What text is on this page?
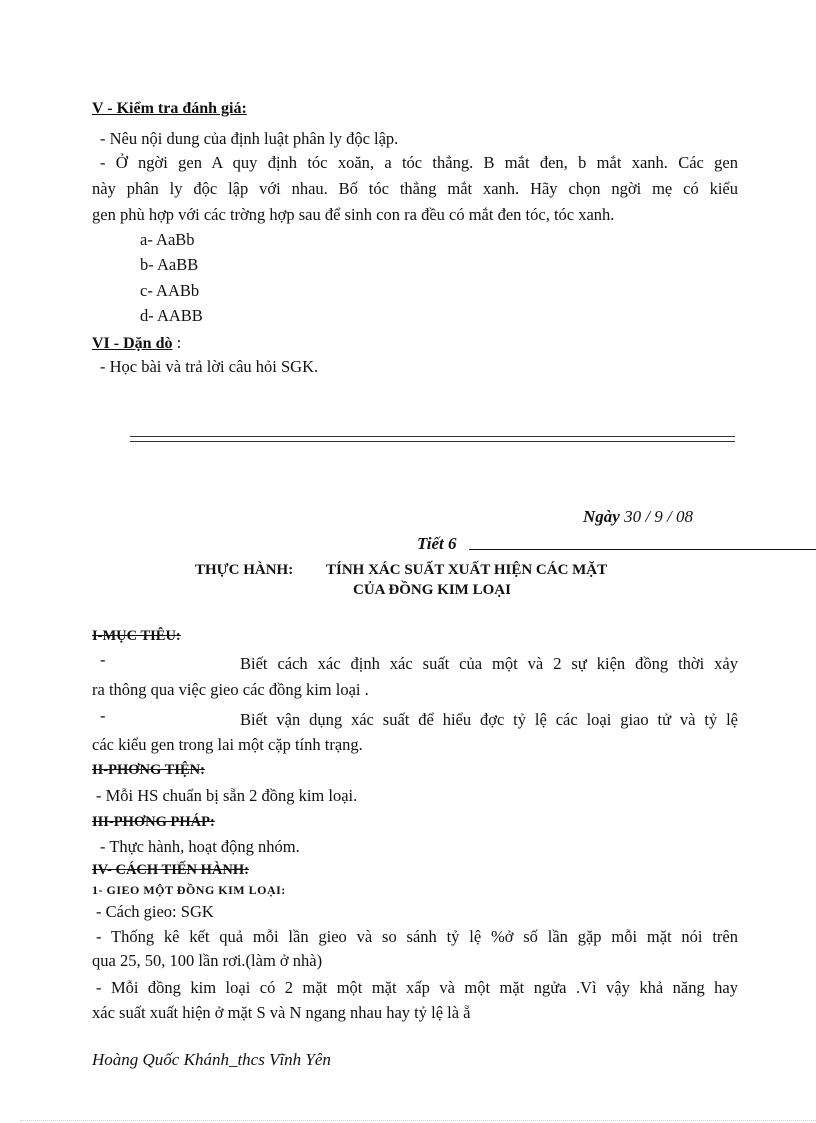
V - Kiểm tra đánh giá:
- Nêu nội dung của định luật phân ly độc lập.
- Ở ngời gen A quy định tóc xoăn, a tóc thẳng. B mắt đen, b mắt xanh. Các gen
này phân ly độc lập với nhau. Bố tóc thẳng mắt xanh. Hãy chọn ngời mẹ có kiểu
gen phù hợp với các trờng hợp sau để sinh con ra đều có mắt đen tóc, tóc xanh.
a- AaBb
b- AaBB
c- AABb
d- AABB
VI - Dặn dò :
- Học bài và trả lời câu hỏi SGK.
Ngày 30 / 9 / 08
Tiết 6
THỰC HÀNH: TÍNH XÁC SUẤT XUẤT HIỆN CÁC MẶT
CỦA ĐỒNG KIM LOẠI
I-MỤC TIÊU:
-	Biết cách xác định xác suất của một và 2 sự kiện đồng thời xảy
ra thông qua việc gieo các đồng kim loại .
-	Biết vận dụng xác suất để hiểu đợc tỷ lệ các loại giao tử và tỷ lệ
các kiểu gen trong lai một cặp tính trạng.
II-PHƠNG TIỆN:
- Mỗi HS chuẩn bị sẵn 2 đồng kim loại.
III-PHƠNG PHÁP:
- Thực hành, hoạt động nhóm.
IV- CÁCH TIẾN HÀNH:
1- GIEO MỘT ĐỒNG KIM LOẠI:
- Cách gieo: SGK
- Thống kê kết quả mỗi lần gieo và so sánh tỷ lệ %ở số lần gặp mỗi mặt nói trên
qua 25, 50, 100 lần rơi.(làm ở nhà)
- Mỗi đồng kim loại có 2 mặt một mặt xấp và một mặt ngửa .Vì vậy khả năng hay
xác suất xuất hiện ở mặt S và N ngang nhau hay tỷ lệ là ẵ
Hoàng Quốc Khánh_thcs Vĩnh Yên
